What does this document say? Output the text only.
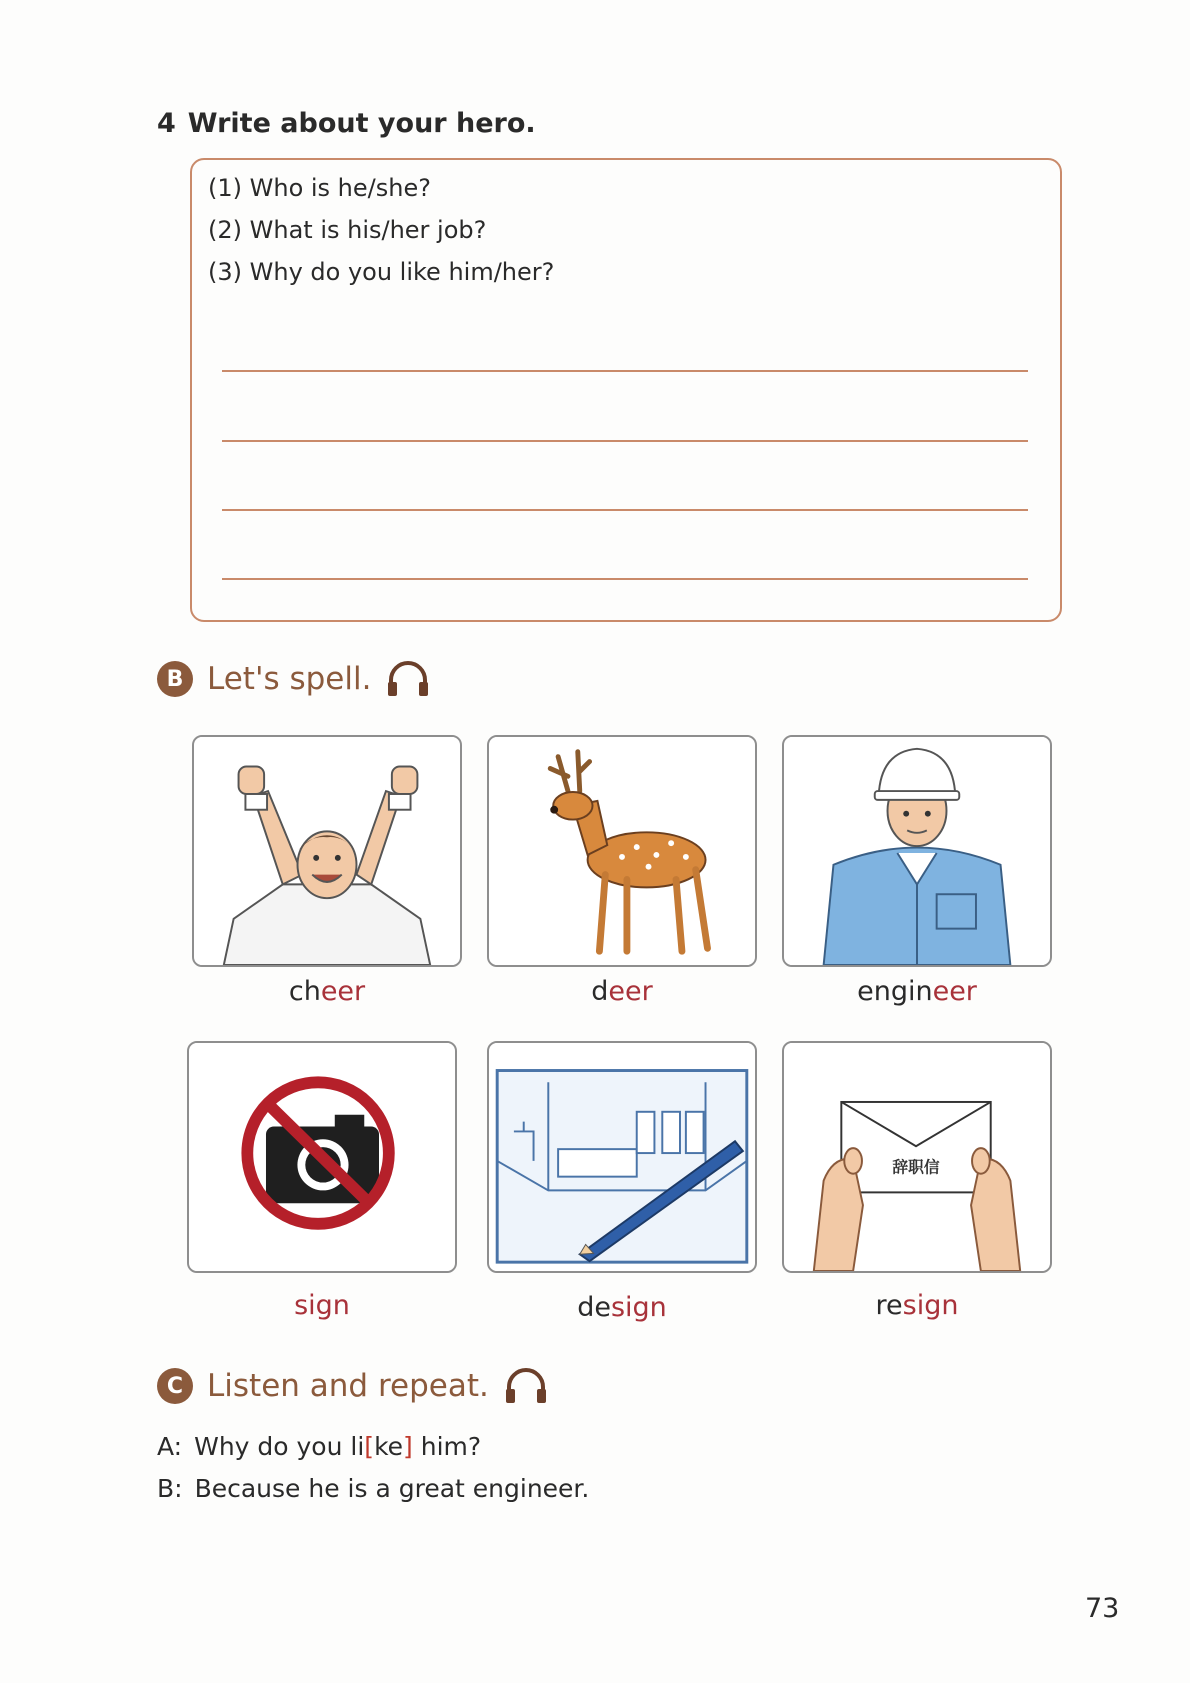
4 Write about your hero.
(1) Who is he/she?
(2) What is his/her job?
(3) Why do you like him/her?
B Let's spell.
cheer	deer	engineer
sign	design
辞职信
resign
C Listen and repeat.
A: Why do you li[ke] him?
B: Because he is a great engineer.
73
